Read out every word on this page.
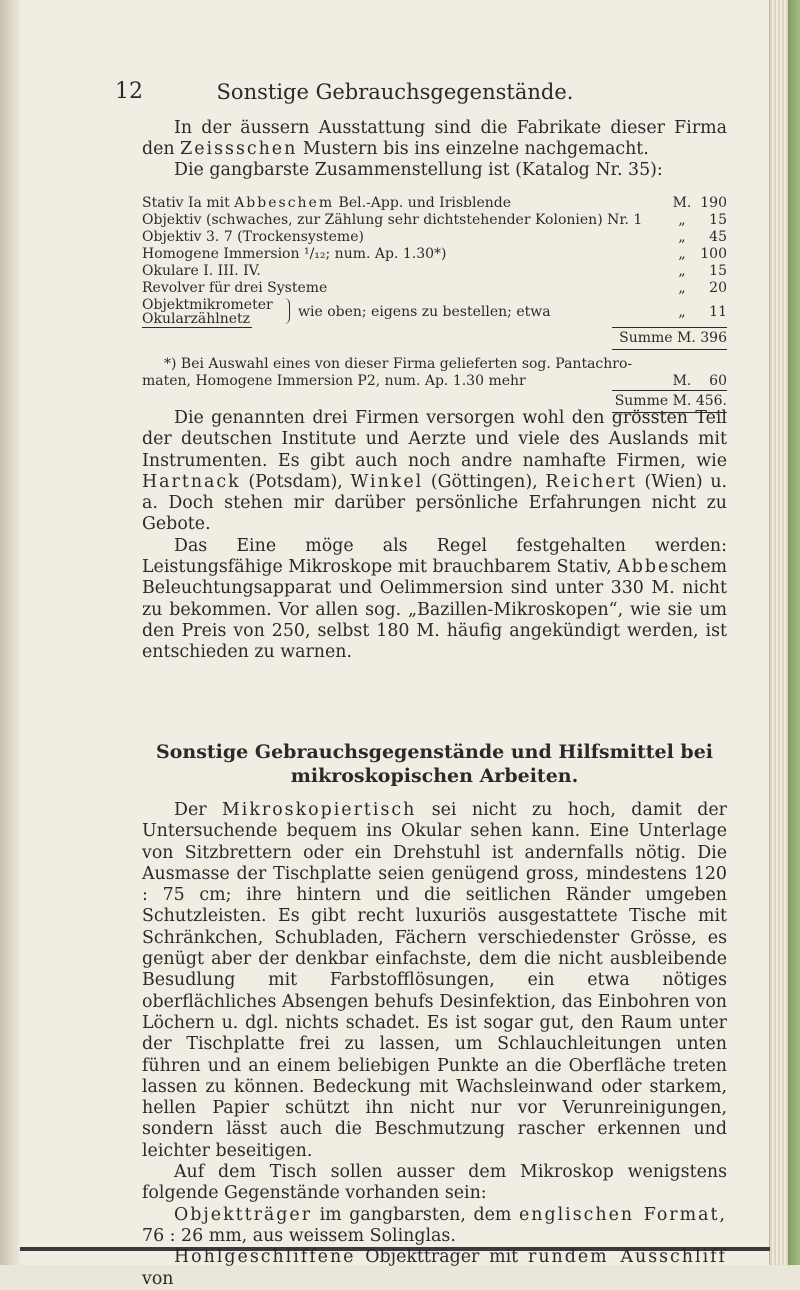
12	Sonstige Gebrauchsgegenstände.

In der äussern Ausstattung sind die Fabrikate dieser Firma den Zeissschen Mustern bis ins einzelne nachgemacht.

Die gangbarste Zusammenstellung ist (Katalog Nr. 35):

Stativ Ia mit Abbeschem Bel.-App. und Irisblende	M. 190
Objektiv (schwaches, zur Zählung sehr dichtstehender Kolonien) Nr. 1	„	15
Objektiv 3. 7 (Trockensysteme)	„	45
Homogene Immersion ¹/₁₂; num. Ap. 1.30*)	„	100
Okulare I. III. IV.	„	15
Revolver für drei Systeme	„	20
Objektmikrometer
Okularzählnetz	wie oben; eigens zu bestellen; etwa	„	11
Summe M. 396

*) Bei Auswahl eines von dieser Firma gelieferten sog. Pantachro-

maten, Homogene Immersion P2, num. Ap. 1.30 mehr	M.	60
Summe M. 456.

Die genannten drei Firmen versorgen wohl den grössten Teil der deutschen Institute und Aerzte und viele des Auslands mit Instrumenten. Es gibt auch noch andre namhafte Firmen, wie Hartnack (Potsdam), Winkel (Göttingen), Reichert (Wien) u. a. Doch stehen mir darüber persönliche Erfahrungen nicht zu Gebote.

Das Eine möge als Regel festgehalten werden: Leistungsfähige Mikroskope mit brauchbarem Stativ, Abbeschem Beleuchtungsapparat und Oelimmersion sind unter 330 M. nicht zu bekommen. Vor allen sog. „Bazillen-Mikroskopen“, wie sie um den Preis von 250, selbst 180 M. häufig angekündigt werden, ist entschieden zu warnen.

Sonstige Gebrauchsgegenstände und Hilfsmittel bei
mikroskopischen Arbeiten.

Der Mikroskopiertisch sei nicht zu hoch, damit der Untersuchende bequem ins Okular sehen kann. Eine Unterlage von Sitzbrettern oder ein Drehstuhl ist andernfalls nötig. Die Ausmasse der Tischplatte seien genügend gross, mindestens 120 : 75 cm; ihre hintern und die seitlichen Ränder umgeben Schutzleisten. Es gibt recht luxuriös ausgestattete Tische mit Schränkchen, Schubladen, Fächern verschiedenster Grösse, es genügt aber der denkbar einfachste, dem die nicht ausbleibende Besudlung mit Farbstofflösungen, ein etwa nötiges oberflächliches Absengen behufs Desinfektion, das Einbohren von Löchern u. dgl. nichts schadet. Es ist sogar gut, den Raum unter der Tischplatte frei zu lassen, um Schlauchleitungen unten führen und an einem beliebigen Punkte an die Oberfläche treten lassen zu können. Bedeckung mit Wachsleinwand oder starkem, hellen Papier schützt ihn nicht nur vor Verunreinigungen, sondern lässt auch die Beschmutzung rascher erkennen und leichter beseitigen.

Auf dem Tisch sollen ausser dem Mikroskop wenigstens folgende Gegenstände vorhanden sein:

Objektträger im gangbarsten, dem englischen Format, 76 : 26 mm, aus weissem Solinglas.

Hohlgeschliffene Objektträger mit rundem Ausschliff von
